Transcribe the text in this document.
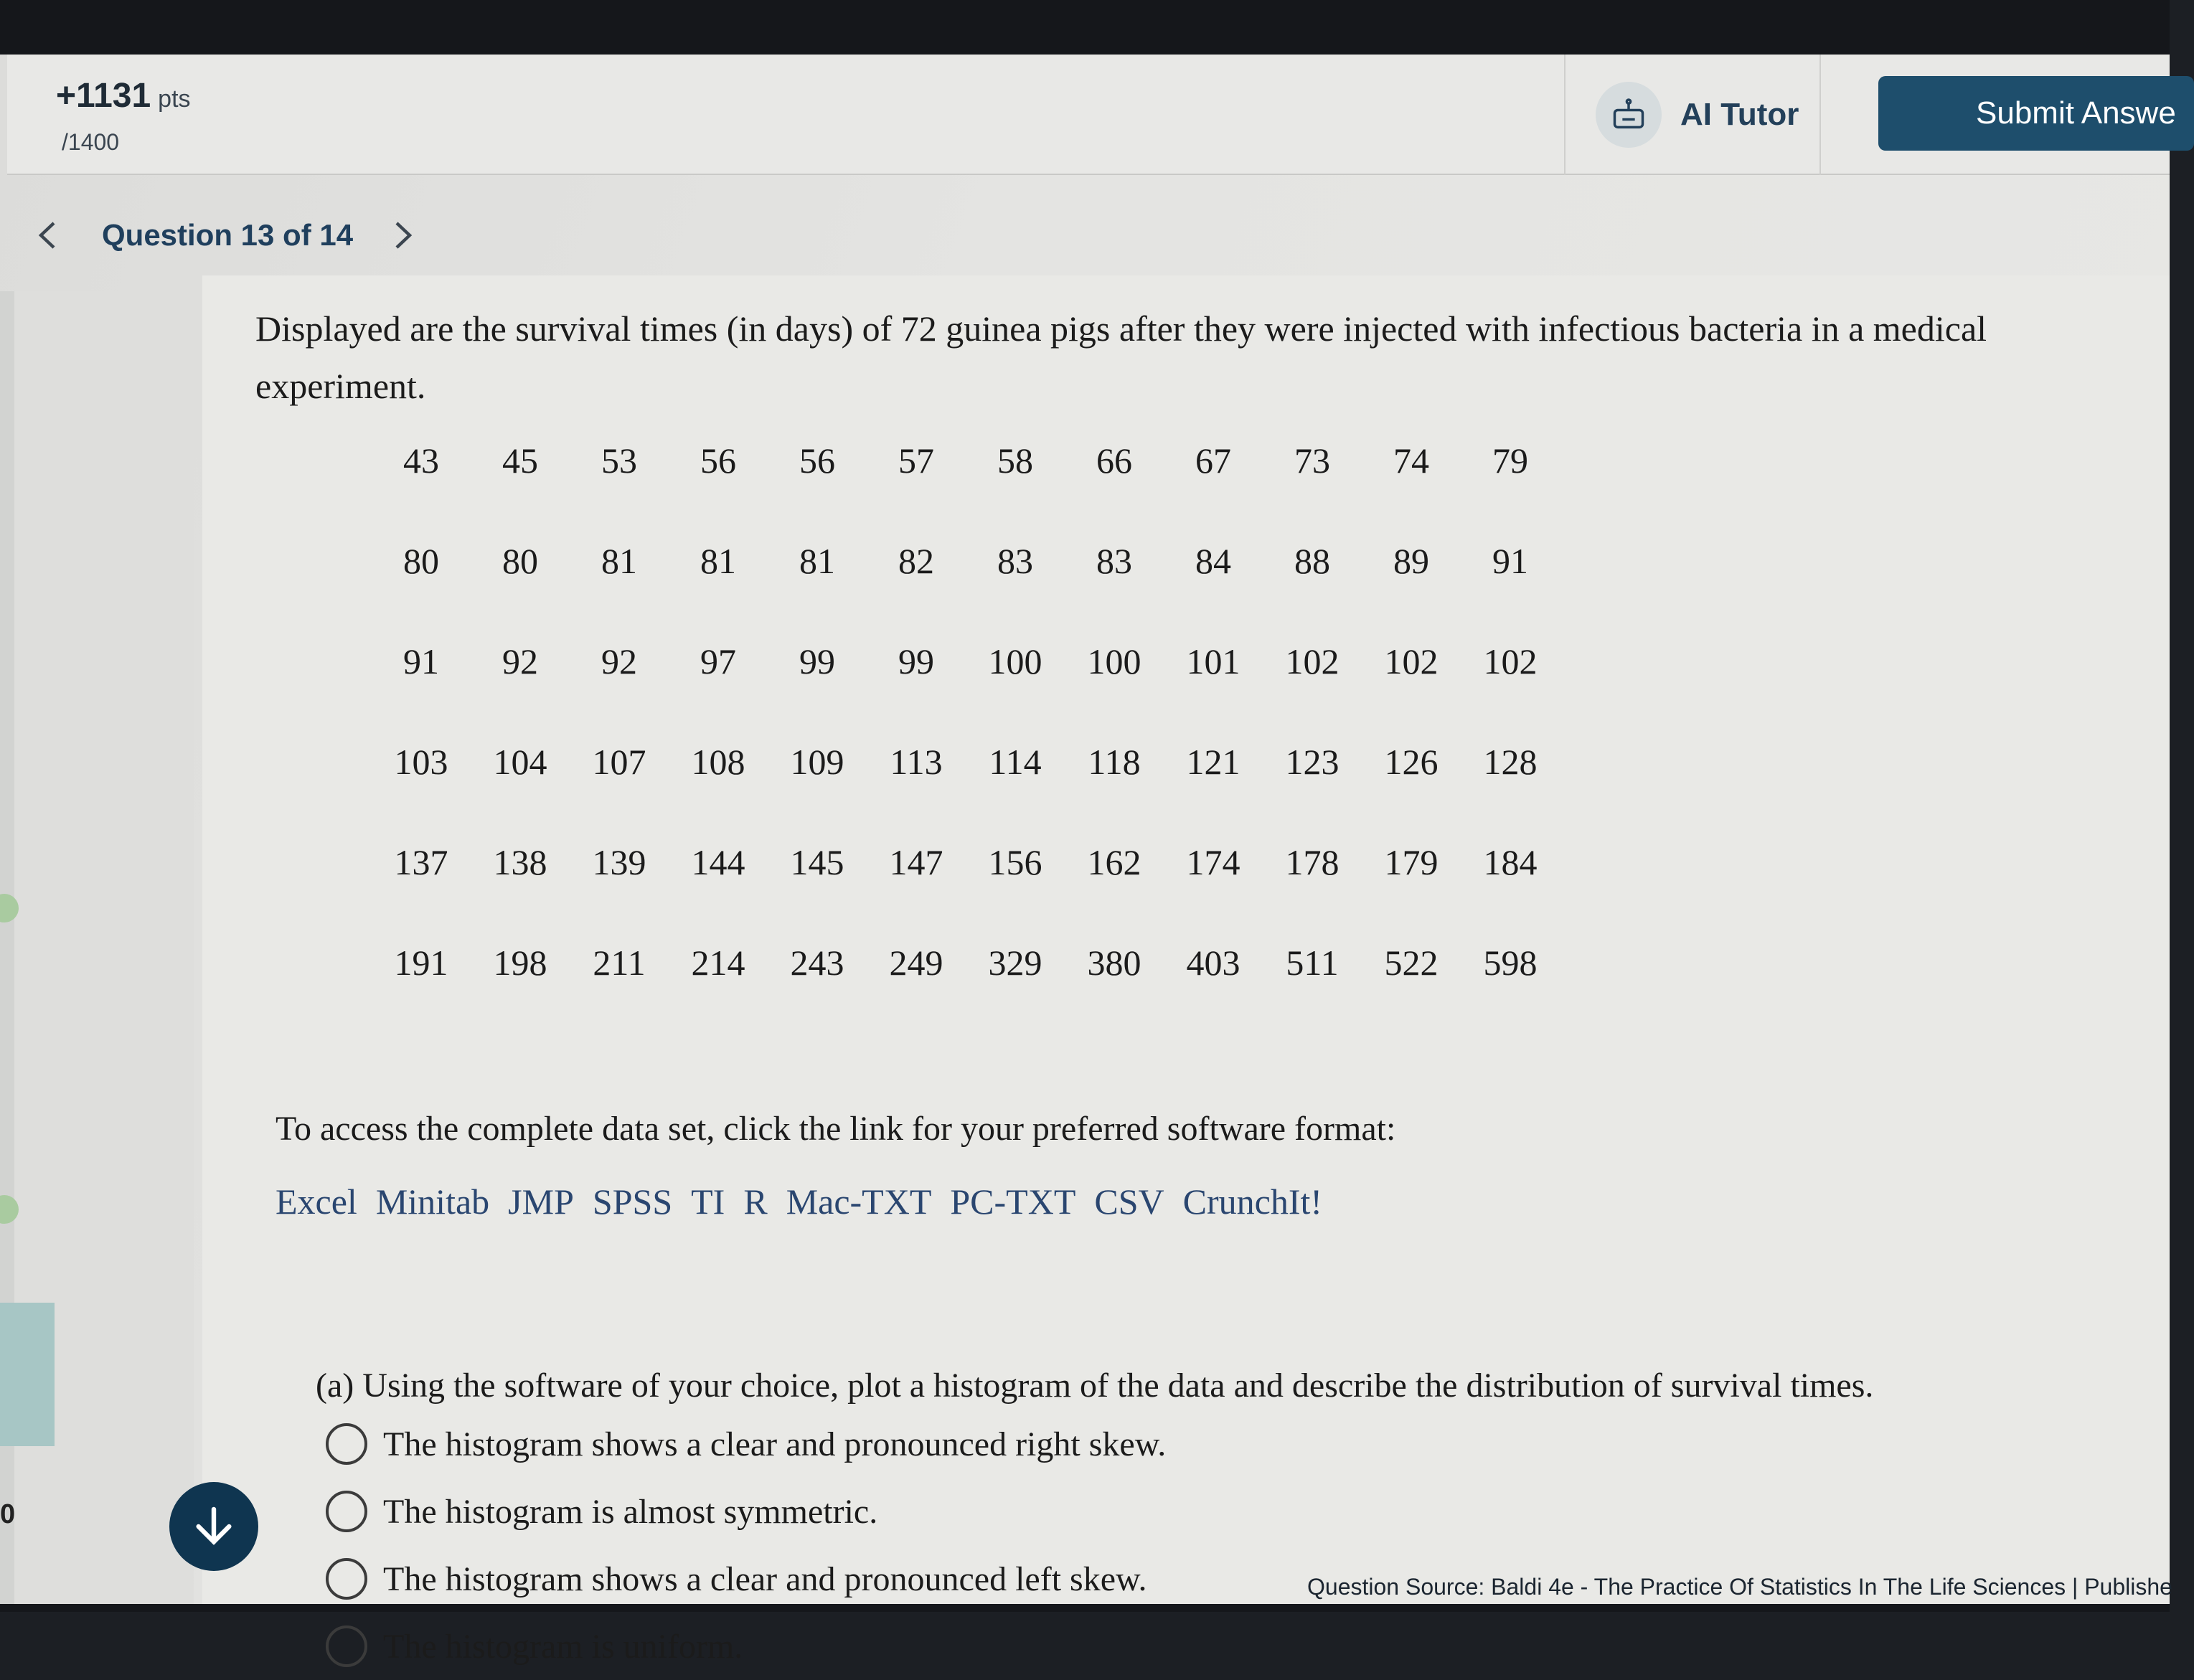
+1131 pts
/1400
AI Tutor	Submit Answe
Question 13 of 14
0

Displayed are the survival times (in days) of 72 guinea pigs after they were injected with infectious bacteria in a medical experiment.

43	45	53	56	56	57	58	66	67	73	74	79
80	80	81	81	81	82	83	83	84	88	89	91
91	92	92	97	99	99	100	100	101	102	102	102
103	104	107	108	109	113	114	118	121	123	126	128
137	138	139	144	145	147	156	162	174	178	179	184
191	198	211	214	243	249	329	380	403	511	522	598

To access the complete data set, click the link for your preferred software format:

Excel Minitab JMP SPSS TI R Mac-TXT PC-TXT CSV CrunchIt!

(a) Using the software of your choice, plot a histogram of the data and describe the distribution of survival times.

The histogram shows a clear and pronounced right skew.
The histogram is almost symmetric.
The histogram shows a clear and pronounced left skew.
The histogram is uniform.
Question Source: Baldi 4e - The Practice Of Statistics In The Life Sciences | Publishe
